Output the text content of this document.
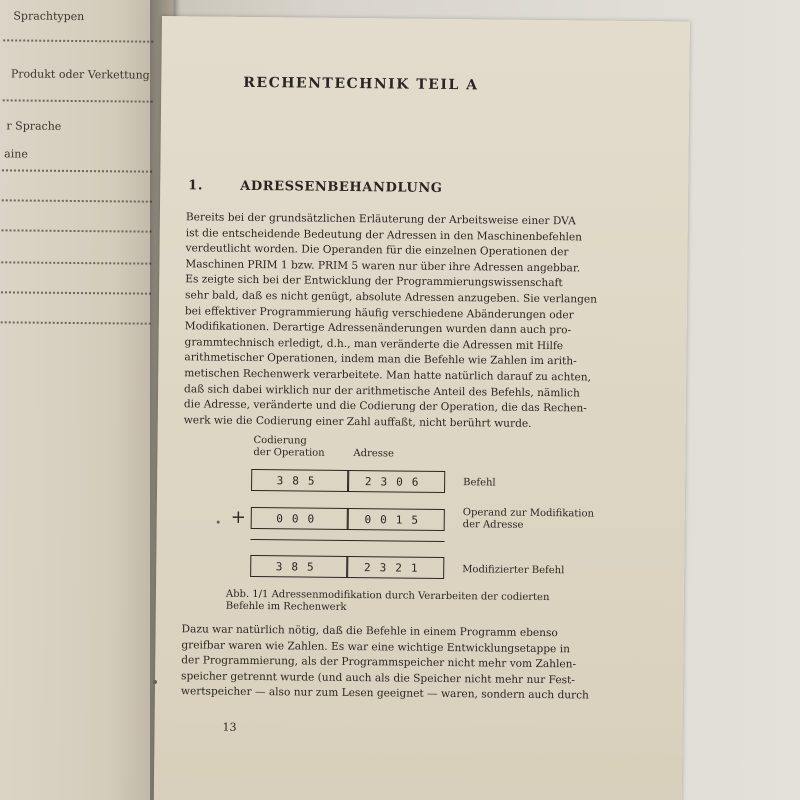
Sprachtypen
Produkt oder Verkettung
r Sprache
aine
RECHENTECHNIK TEIL A
1.	ADRESSENBEHANDLUNG
Bereits bei der grundsätzlichen Erläuterung der Arbeitsweise einer DVA
ist die entscheidende Bedeutung der Adressen in den Maschinenbefehlen
verdeutlicht worden. Die Operanden für die einzelnen Operationen der
Maschinen PRIM 1 bzw. PRIM 5 waren nur über ihre Adressen angebbar.
Es zeigte sich bei der Entwicklung der Programmierungswissenschaft
sehr bald, daß es nicht genügt, absolute Adressen anzugeben. Sie verlangen
bei effektiver Programmierung häufig verschiedene Abänderungen oder
Modifikationen. Derartige Adressenänderungen wurden dann auch pro-
grammtechnisch erledigt, d.h., man veränderte die Adressen mit Hilfe
arithmetischer Operationen, indem man die Befehle wie Zahlen im arith-
metischen Rechenwerk verarbeitete. Man hatte natürlich darauf zu achten,
daß sich dabei wirklich nur der arithmetische Anteil des Befehls, nämlich
die Adresse, veränderte und die Codierung der Operation, die das Rechen-
werk wie die Codierung einer Zahl auffaßt, nicht berührt wurde.
Codierung
der Operation	Adresse
385	2306	Befehl
+	000	0015	Operand zur Modifikation
der Adresse
385	2321	Modifizierter Befehl
Abb. 1/1 Adressenmodifikation durch Verarbeiten der codierten
Befehle im Rechenwerk
Dazu war natürlich nötig, daß die Befehle in einem Programm ebenso
greifbar waren wie Zahlen. Es war eine wichtige Entwicklungsetappe in
der Programmierung, als der Programmspeicher nicht mehr vom Zahlen-
speicher getrennt wurde (und auch als die Speicher nicht mehr nur Fest-
wertspeicher — also nur zum Lesen geeignet — waren, sondern auch durch
13
